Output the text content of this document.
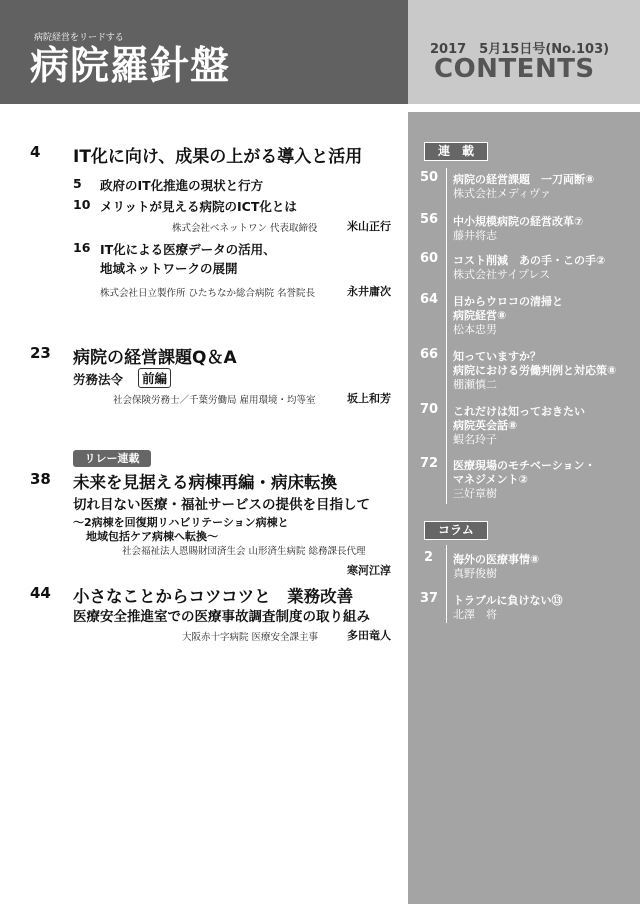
病院経営をリードする
病院羅針盤	2017　5月15日号(No.103)
CONTENTS
4 IT化に向け、成果の上がる導入と活用
5 政府のIT化推進の現状と行方
10 メリットが見える病院のICT化とは
株式会社ベネットワン 代表取締役	米山正行
16 IT化による医療データの活用、
地域ネットワークの展開
株式会社日立製作所 ひたちなか総合病院 名誉院長	永井庸次
23 病院の経営課題Q＆A
労務法令	前編
社会保険労務士／千葉労働局 雇用環境・均等室	坂上和芳
リレー連載
38 未来を見据える病棟再編・病床転換
切れ目ない医療・福祉サービスの提供を目指して
～2病棟を回復期リハビリテーション病棟と
地域包括ケア病棟へ転換～
社会福祉法人恩賜財団済生会 山形済生病院 総務課長代理
寒河江淳
44 小さなことからコツコツと　業務改善
医療安全推進室での医療事故調査制度の取り組み
大阪赤十字病院 医療安全課主事	多田竜人
連　載
50 病院の経営課題　一刀両断⑧
株式会社メディヴァ
56 中小規模病院の経営改革⑦
藤井将志
60 コスト削減　あの手・この手②
株式会社サイプレス
64 目からウロコの清掃と
病院経営⑧
松本忠男
66 知っていますか？
病院における労働判例と対応策⑧
棚瀬慎二
70 これだけは知っておきたい
病院英会話⑧
蝦名玲子
72 医療現場のモチベーション・
マネジメント②
三好章樹
コラム
2 海外の医療事情⑧
真野俊樹
37 トラブルに負けない⑬
北澤　将
